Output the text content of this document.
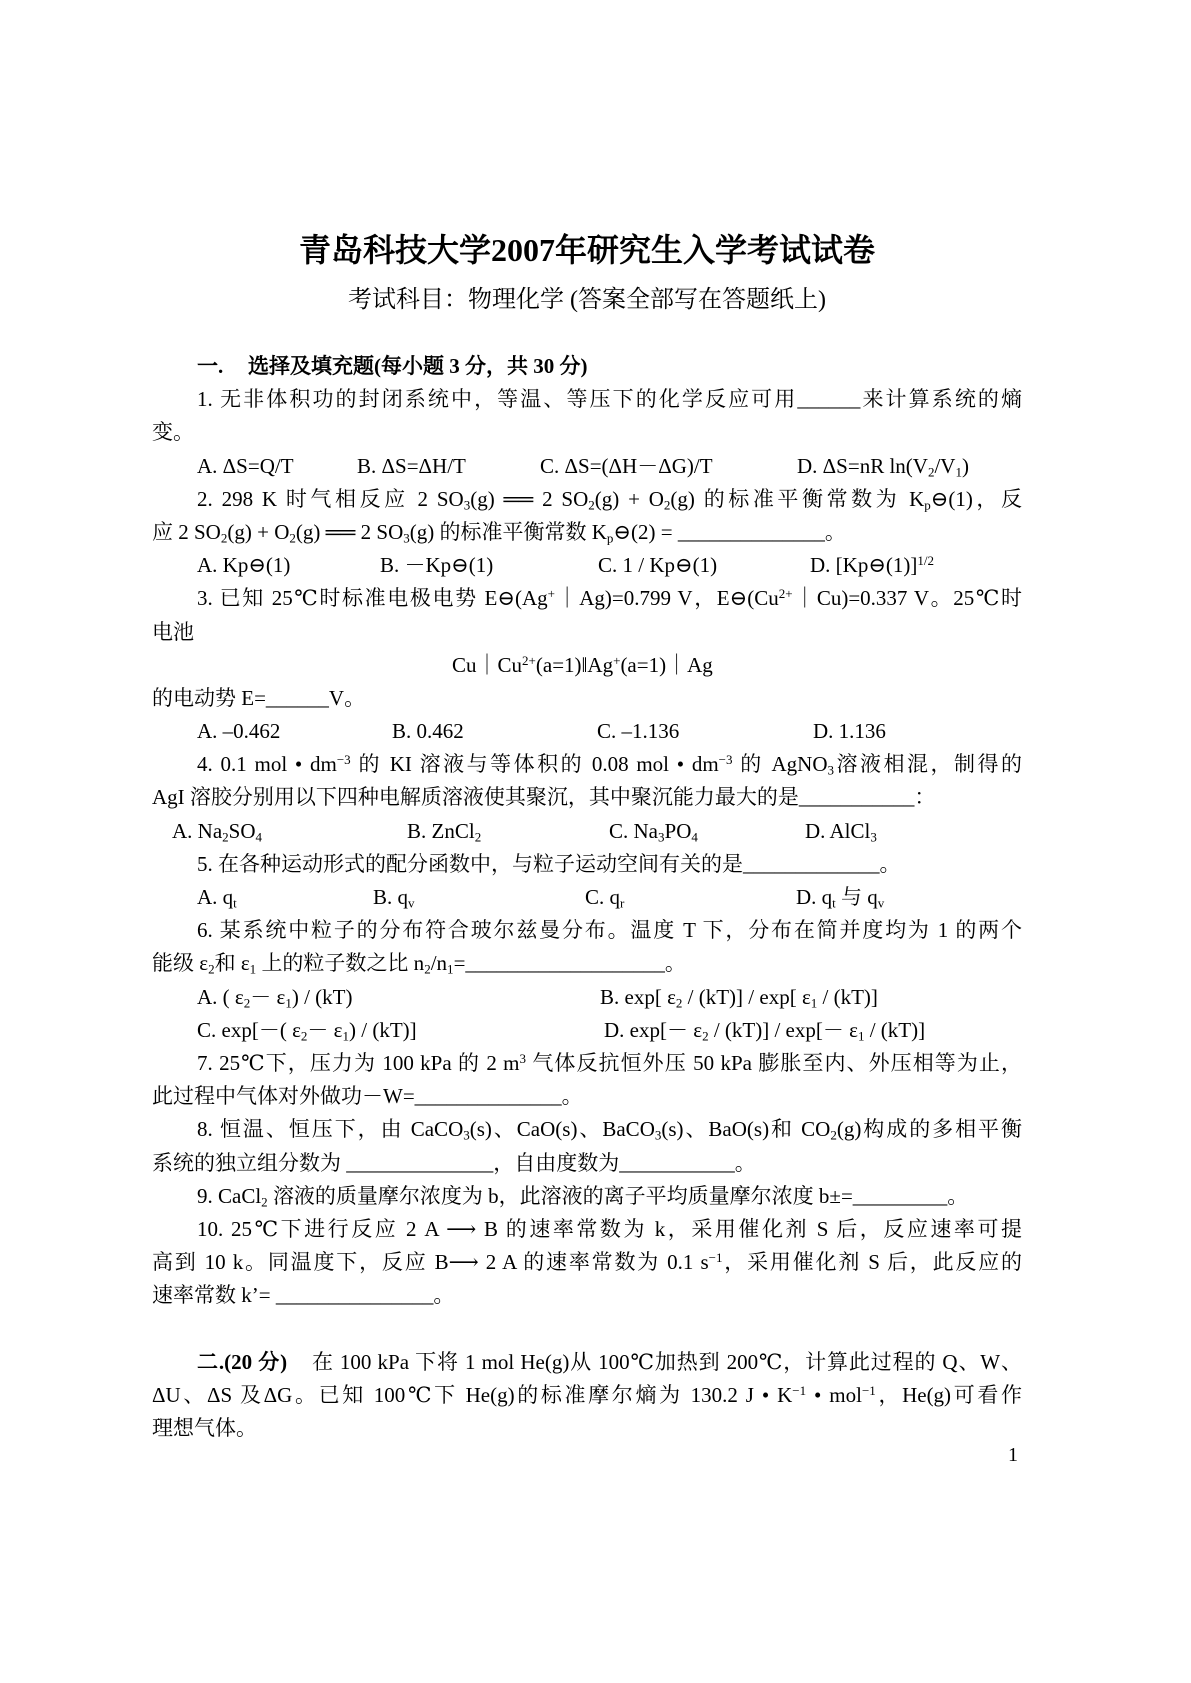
青岛科技大学2007年研究生入学考试试卷
考试科目：物理化学 (答案全部写在答题纸上)
一. 选择及填充题(每小题 3 分，共 30 分)
1. 无非体积功的封闭系统中，等温、等压下的化学反应可用______来计算系统的熵
变。
A. ΔS=Q/T	B. ΔS=ΔH/T	C. ΔS=(ΔH－ΔG)/T	D. ΔS=nR $\ln(V_2/V_1)$
2. 298 K 时气相反应 2 $SO_3(g)$ ══ 2 $SO_2(g) + O_2(g)$ 的标准平衡常数为 $K_p⊖(1)$，反
应 2 $SO_2(g) + O_2(g)$ ══ 2 $SO_3(g)$ 的标准平衡常数 $K_p⊖(2)$ = ______________。
A. Kp⊖(1)	B. －Kp⊖(1)	C. 1 / Kp⊖(1)	D. [Kp⊖(1)]$^{1/2}$
3. 已知 25℃时标准电极电势 E⊖(Ag+｜Ag)=0.799 V，$E⊖(Cu^{2+}|Cu)=0.337$ V。25℃时
电池
$Cu|Cu^{2+}(a=1)‖Ag^+(a=1)|Ag$
的电动势 E=______V。
A. –0.462	B. 0.462	C. –1.136	D. 1.136
4. 0.1 mol • $dm^{-3}$ 的 KI 溶液与等体积的 0.08 mol • $dm^{-3}$ 的 AgNO$_3$溶液相混，制得的
AgI 溶胶分别用以下四种电解质溶液使其聚沉，其中聚沉能力最大的是___________：
A. $Na_2SO_4$	B. ZnCl$_2$	C. $Na_3PO_4$	D. AlCl$_3$
5. 在各种运动形式的配分函数中，与粒子运动空间有关的是_____________。
A. $q_t$	B. $q_v$	C. $q_r$	D. $q_t$ 与 $q_v$
6. 某系统中粒子的分布符合玻尔兹曼分布。温度 T 下，分布在简并度均为 1 的两个
能级 $\varepsilon_2$和 $\varepsilon_1$ 上的粒子数之比 $n_2/n_1=\_\_\_\_\_\_\_\_\_\_\_\_\_\_\_\_\_\_\_$。
A. ( $\varepsilon_2- \varepsilon_1) / (kT)$	B. exp[ $\varepsilon_2 / (kT)] / \exp$[ $\varepsilon_1 / (kT)$]
C. exp[－( $\varepsilon_2- \varepsilon_1) / (kT)$]	D. $\exp[- \varepsilon_2 / (kT)] / \exp[- \varepsilon_1 / (kT)]$
7. 25℃下，压力为 100 kPa 的 2 $m^3$ 气体反抗恒外压 50 kPa 膨胀至内、外压相等为止，
此过程中气体对外做功－W=______________。
8. 恒温、恒压下，由 CaCO$_3$(s)、CaO(s)、BaCO$_3$(s)、BaO(s)和 $CO_2(g)$构成的多相平衡
系统的独立组分数为 ______________，自由度数为___________。
9. CaCl$_2$ 溶液的质量摩尔浓度为 b，此溶液的离子平均质量摩尔浓度 b±=_________。
10. 25℃下进行反应 2 A ⟶ B 的速率常数为 k，采用催化剂 S 后，反应速率可提
高到 10 k。同温度下，反应 B⟶ 2 A 的速率常数为 0.1 $s^{-1}$，采用催化剂 S 后，此反应的
速率常数 k’= _______________。
二.(20 分) 在 100 kPa 下将 1 mol He(g)从 100℃加热到 200℃，计算此过程的 Q、W、
ΔU、ΔS 及ΔG。已知 100℃下 He(g)的标准摩尔熵为 130.2 J • $K^{-1}$ • mol$^{-1}$，He(g)可看作
理想气体。
1
